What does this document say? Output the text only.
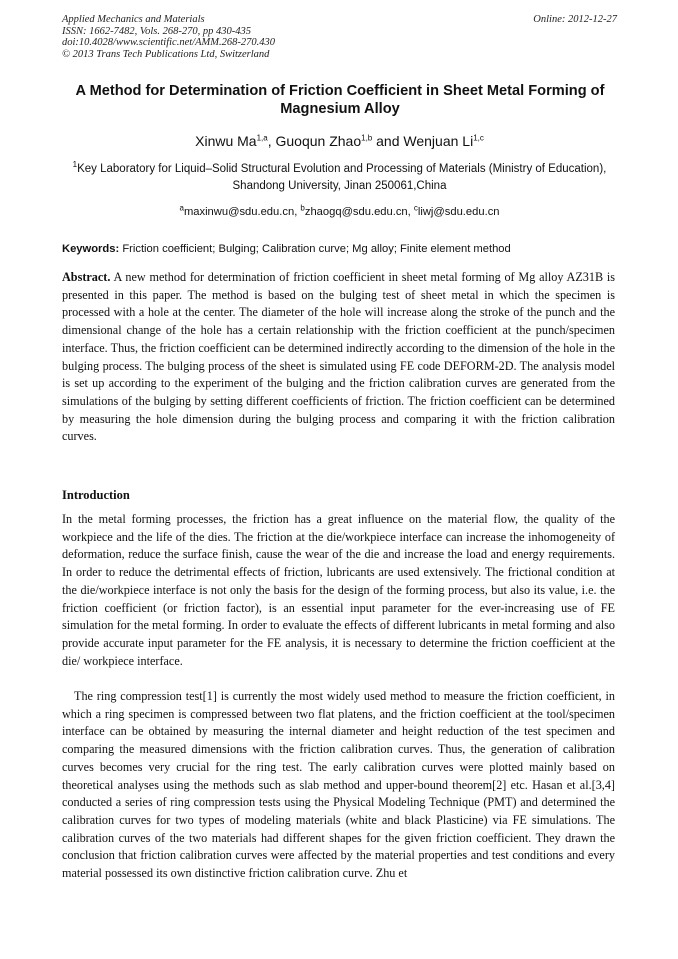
Applied Mechanics and Materials
ISSN: 1662-7482, Vols. 268-270, pp 430-435
doi:10.4028/www.scientific.net/AMM.268-270.430
© 2013 Trans Tech Publications Ltd, Switzerland
Online: 2012-12-27
A Method for Determination of Friction Coefficient in Sheet Metal Forming of Magnesium Alloy
Xinwu Ma$^{1,a}$, Guoqun Zhao$^{1,b}$ and Wenjuan Li$^{1,c}$
$^1$Key Laboratory for Liquid–Solid Structural Evolution and Processing of Materials (Ministry of Education), Shandong University, Jinan 250061,China
$^a$maxinwu@sdu.edu.cn, $^b$zhaogq@sdu.edu.cn, $^c$liwj@sdu.edu.cn
Keywords: Friction coefficient; Bulging; Calibration curve; Mg alloy; Finite element method
Abstract. A new method for determination of friction coefficient in sheet metal forming of Mg alloy AZ31B is presented in this paper. The method is based on the bulging test of sheet metal in which the specimen is processed with a hole at the center. The diameter of the hole will increase along the stroke of the punch and the dimensional change of the hole has a certain relationship with the friction coefficient at the punch/specimen interface. Thus, the friction coefficient can be determined indirectly according to the dimension of the hole in the bulging process. The bulging process of the sheet is simulated using FE code DEFORM-2D. The analysis model is set up according to the experiment of the bulging and the friction calibration curves are generated from the simulations of the bulging by setting different coefficients of friction. The friction coefficient can be determined by measuring the hole dimension during the bulging process and comparing it with the friction calibration curves.
Introduction
In the metal forming processes, the friction has a great influence on the material flow, the quality of the workpiece and the life of the dies. The friction at the die/workpiece interface can increase the inhomogeneity of deformation, reduce the surface finish, cause the wear of the die and increase the load and energy requirements. In order to reduce the detrimental effects of friction, lubricants are used extensively. The frictional condition at the die/workpiece interface is not only the basis for the design of the forming process, but also its value, i.e. the friction coefficient (or friction factor), is an essential input parameter for the ever-increasing use of FE simulation for the metal forming. In order to evaluate the effects of different lubricants in metal forming and also provide accurate input parameter for the FE analysis, it is necessary to determine the friction coefficient at the die/ workpiece interface.
The ring compression test[1] is currently the most widely used method to measure the friction coefficient, in which a ring specimen is compressed between two flat platens, and the friction coefficient at the tool/specimen interface can be obtained by measuring the internal diameter and height reduction of the test specimen and comparing the measured dimensions with the friction calibration curves. Thus, the generation of calibration curves becomes very crucial for the ring test. The early calibration curves were plotted mainly based on theoretical analyses using the methods such as slab method and upper-bound theorem[2] etc. Hasan et al.[3,4] conducted a series of ring compression tests using the Physical Modeling Technique (PMT) and determined the calibration curves for two types of modeling materials (white and black Plasticine) via FE simulations. The calibration curves of the two materials had different shapes for the given friction coefficient. They drawn the conclusion that friction calibration curves were affected by the material properties and test conditions and every material possessed its own distinctive friction calibration curve. Zhu et
